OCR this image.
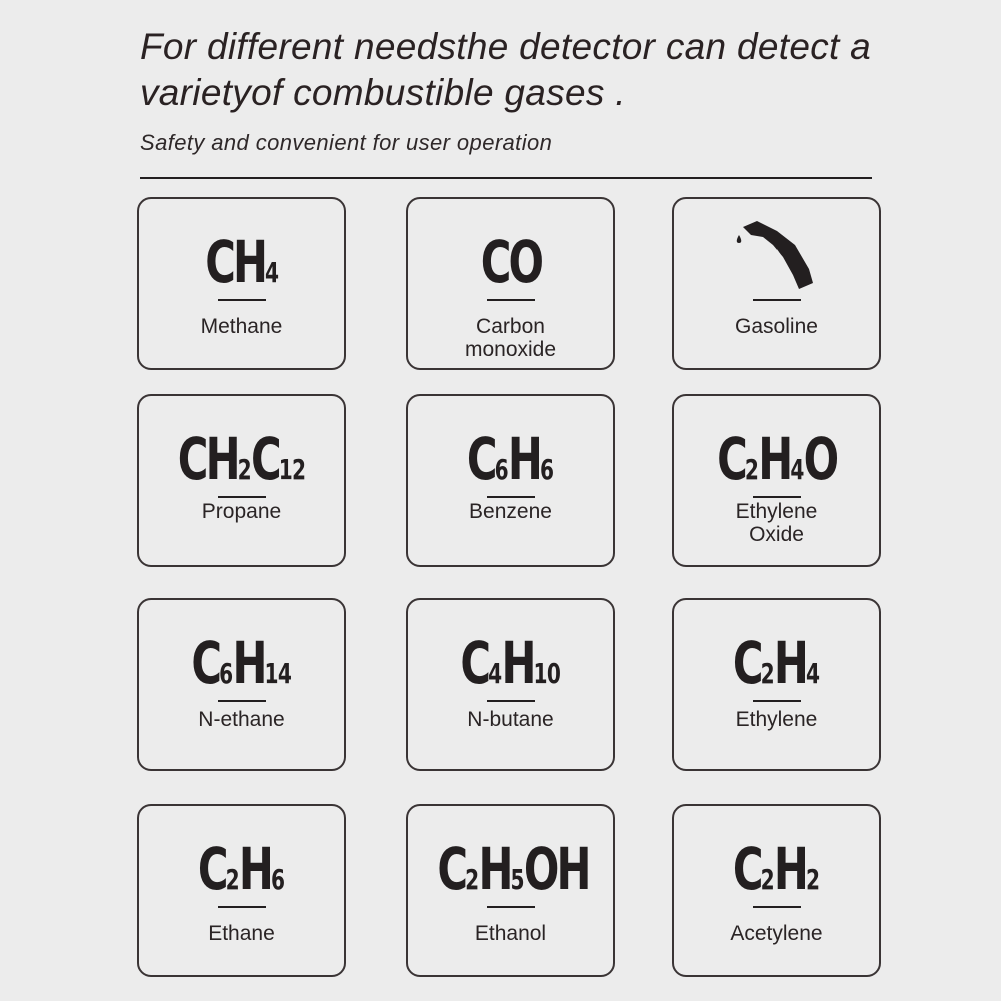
For different needsthe detector can detect a varietyof combustible gases .

Safety and convenient for user operation

CH4
Methane
CO
Carbon
monoxide
Gasoline
CH2C12
Propane
C6H6
Benzene
C2H4O
Ethylene
Oxide
C6H14
N-ethane
C4H10
N-butane
C2H4
Ethylene
C2H6
Ethane
C2H5OH
Ethanol
C2H2
Acetylene
